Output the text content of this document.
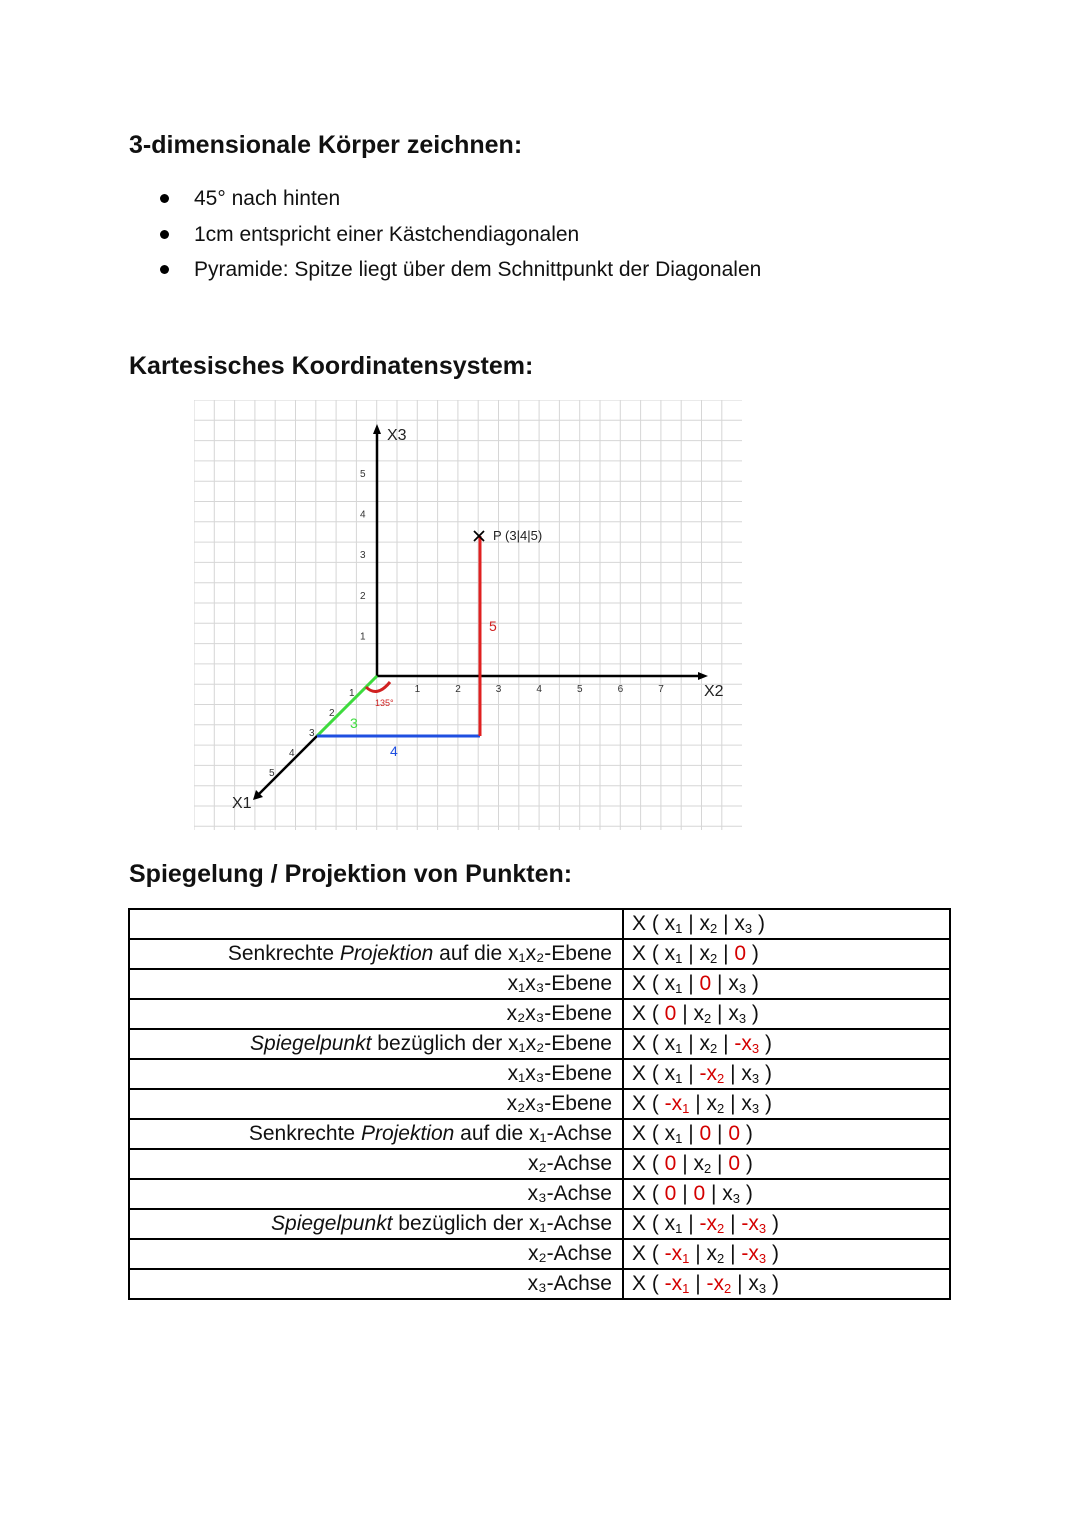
3-dimensionale Körper zeichnen:
45° nach hinten
1cm entspricht einer Kästchendiagonalen
Pyramide: Spitze liegt über dem Schnittpunkt der Diagonalen
Kartesisches Koordinatensystem:
1	2	3	4	5	6	7
1
2
3
4
5
1
2
3
4
5
P (3|4|5)
5
4
3
135°
X3
X2
X1
Spiegelung / Projektion von Punkten:
	X ( $x_1$ | $x_2$ | $x_3$ )
Senkrechte Projektion auf die x₁x₂-Ebene	X ( $x_1$ | $x_2$ | 0 )
x₁x₃-Ebene	X ( $x_1$ | 0 | $x_3$ )
x₂x₃-Ebene	X ( 0 | $x_2$ | $x_3$ )
Spiegelpunkt bezüglich der x₁x₂-Ebene	X ( $x_1$ | $x_2$ | $-x_3$ )
x₁x₃-Ebene	X ( $x_1$ | $-x_2$ | $x_3$ )
x₂x₃-Ebene	X ( $-x_1$ | $x_2$ | $x_3$ )
Senkrechte Projektion auf die x₁-Achse	X ( $x_1$ | 0 | 0 )
x₂-Achse	X ( 0 | $x_2$ | 0 )
x₃-Achse	X ( 0 | 0 | $x_3$ )
Spiegelpunkt bezüglich der x₁-Achse	X ( $x_1$ | $-x_2$ | $-x_3$ )
x₂-Achse	X ( $-x_1$ | $x_2$ | $-x_3$ )
x₃-Achse	X ( $-x_1$ | $-x_2$ | $x_3$ )
